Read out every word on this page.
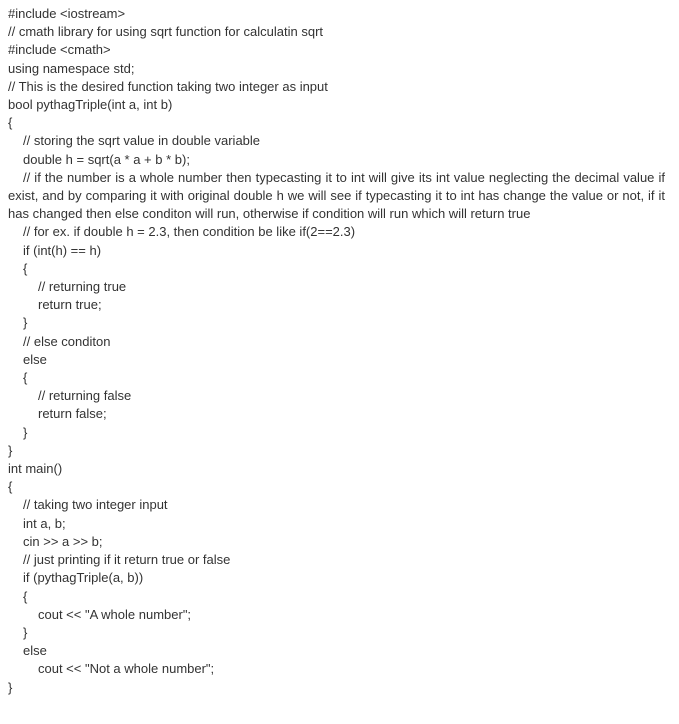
#include <iostream>
// cmath library for using sqrt function for calculatin sqrt
#include <cmath>
using namespace std;
// This is the desired function taking two integer as input
bool pythagTriple(int a, int b)
{
// storing the sqrt value in double variable
double h = sqrt(a * a + b * b);
// if the number is a whole number then typecasting it to int will give its int value neglecting the decimal value if exist, and by comparing it with original double h we will see if typecasting it to int has change the value or not, if it has changed then else conditon will run, otherwise if condition will run which will return true
// for ex. if double h = 2.3, then condition be like if(2==2.3)
if (int(h) == h)
{
// returning true
return true;
}
// else conditon
else
{
// returning false
return false;
}
}
int main()
{
// taking two integer input
int a, b;
cin >> a >> b;
// just printing if it return true or false
if (pythagTriple(a, b))
{
cout << "A whole number";
}
else
cout << "Not a whole number";
}
